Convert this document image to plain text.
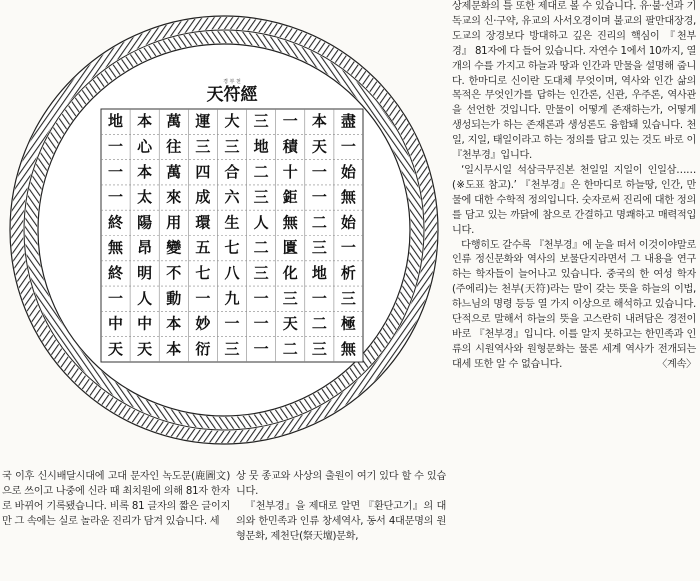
경 부 천
天符經
盡
一
始
無
始
一
析
三
極
無
本
天
一
一
二
三
地
一
二
三
一
積
十
鉅
無
匱
化
三
天
二
三
地
二
三
人
二
三
一
一
一
大
三
合
六
生
七
八
九
一
三
運
三
四
成
環
五
七
一
妙
衍
萬
往
萬
來
用
變
不
動
本
本
本
心
本
太
陽
昂
明
人
中
天
地
一
一
一
終
無
終
一
中
天

상제문화의 틀 또한 제대로 볼 수 있습니다. 유·불·선과 기독교의 신·구약, 유교의 사서오경이며 불교의 팔만대장경, 도교의 장경보다 방대하고 깊은 진리의 핵심이 『천부경』 81자에 다 들어 있습니다. 자연수 1에서 10까지, 열 개의 수를 가지고 하늘과 땅과 인간과 만물을 설명해 줍니다. 한마디로 신이란 도대체 무엇이며, 역사와 인간 삶의 목적은 무엇인가를 답하는 인간론, 신관, 우주론, 역사관을 선언한 것입니다. 만물이 어떻게 존재하는가, 어떻게 생성되는가 하는 존재론과 생성론도 융합돼 있습니다. 천일, 지일, 태일이라고 하는 정의를 답고 있는 것도 바로 이 『천부경』입니다.

‘일시무시일 석삼극무진본 천일일 지일이 인일삼……(※도표 참고).’ 『천부경』은 한마디로 하늘땅, 인간, 만물에 대한 수학적 정의입니다. 숫자로써 진리에 대한 정의를 담고 있는 까닭에 참으로 간결하고 명쾌하고 매력적입니다.

다행히도 갈수록 『천부경』에 눈을 떠서 이것이야말로 인류 정신문화와 역사의 보물단지라면서 그 내용을 연구하는 학자들이 늘어나고 있습니다. 중국의 한 여성 학자(주에리)는 천부(天符)라는 말이 갖는 뜻을 하늘의 이법, 하느님의 명령 등등 열 가지 이상으로 해석하고 있습니다. 단적으로 말해서 하늘의 뜻을 고스란히 내려담은 경전이 바로 『천부경』입니다. 이를 알지 못하고는 한민족과 인류의 시원역사와 원형문화는 물론 세계 역사가 전개되는 대세 또한 알 수 없습니다.	〈계속〉

국 이후 신시배달시대에 고대 문자인 녹도문(鹿圖文)으로 쓰이고 나중에 신라 때 최치원에 의해 81자 한자로 바뀌어 기록됐습니다. 비록 81 글자의 짧은 글이지만 그 속에는 실로 놀라운 진리가 담겨 있습니다. 세

상 뭇 종교와 사상의 출원이 여기 있다 할 수 있습니다.

『천부경』을 제대로 알면 『환단고기』의 대의와 한민족과 인류 창세역사, 동서 4대문명의 원형문화, 제천단(祭天壇)문화,
